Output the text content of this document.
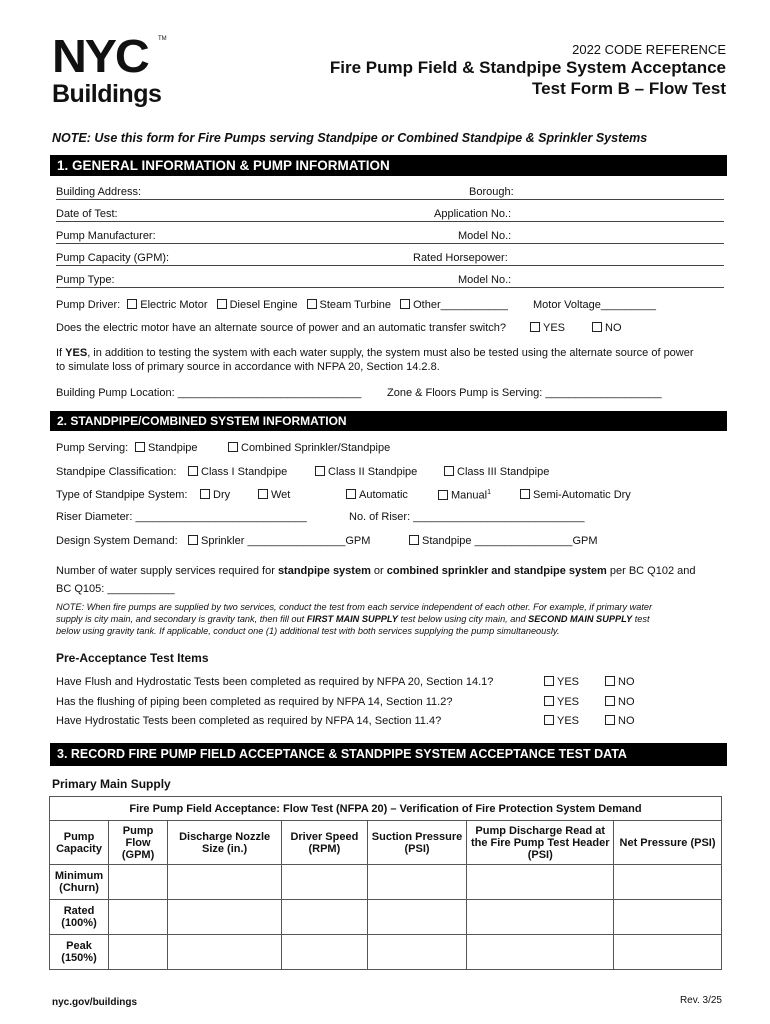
NYC TM
Buildings
2022 CODE REFERENCE
Fire Pump Field & Standpipe System Acceptance
Test Form B – Flow Test
NOTE: Use this form for Fire Pumps serving Standpipe or Combined Standpipe & Sprinkler Systems
1. GENERAL INFORMATION & PUMP INFORMATION
Building Address:	Borough:
Date of Test:	Application No.:
Pump Manufacturer:	Model No.:
Pump Capacity (GPM):	Rated Horsepower:
Pump Type:	Model No.:
Pump Driver: Electric Motor Diesel Engine Steam Turbine Other___________ Motor Voltage_________
Does the electric motor have an alternate source of power and an automatic transfer switch?	YES	NO
If YES, in addition to testing the system with each water supply, the system must also be tested using the alternate source of power
to simulate loss of primary source in accordance with NFPA 20, Section 14.2.8.
Building Pump Location: ______________________________ Zone & Floors Pump is Serving: ___________________
2. STANDPIPE/COMBINED SYSTEM INFORMATION
Pump Serving:	Standpipe	Combined Sprinkler/Standpipe
Standpipe Classification:	Class I Standpipe	Class II Standpipe	Class III Standpipe
Type of Standpipe System:	Dry	Wet	Automatic	Manual$^1$	Semi-Automatic Dry
Riser Diameter: ____________________________	No. of Riser: ____________________________
Design System Demand:	Sprinkler ________________GPM	Standpipe ________________GPM
Number of water supply services required for standpipe system or combined sprinkler and standpipe system per BC Q102 and
BC Q105: ___________
NOTE: When fire pumps are supplied by two services, conduct the test from each service independent of each other. For example, if primary water
supply is city main, and secondary is gravity tank, then fill out FIRST MAIN SUPPLY test below using city main, and SECOND MAIN SUPPLY test
below using gravity tank. If applicable, conduct one (1) additional test with both services supplying the pump simultaneously.
Pre-Acceptance Test Items
Have Flush and Hydrostatic Tests been completed as required by NFPA 20, Section 14.1?	YES	NO
Has the flushing of piping been completed as required by NFPA 14, Section 11.2?	YES	NO
Have Hydrostatic Tests been completed as required by NFPA 14, Section 11.4?	YES	NO
3. RECORD FIRE PUMP FIELD ACCEPTANCE & STANDPIPE SYSTEM ACCEPTANCE TEST DATA
Primary Main Supply
Fire Pump Field Acceptance: Flow Test (NFPA 20) – Verification of Fire Protection System Demand						
Pump Capacity	Pump Flow (GPM)	Discharge Nozzle Size (in.)	Driver Speed (RPM)	Suction Pressure (PSI)	Pump Discharge Read at the Fire Pump Test Header (PSI)	Net Pressure (PSI)
Minimum (Churn)						
Rated (100%)						
Peak (150%)						
nyc.gov/buildings	Rev. 3/25
